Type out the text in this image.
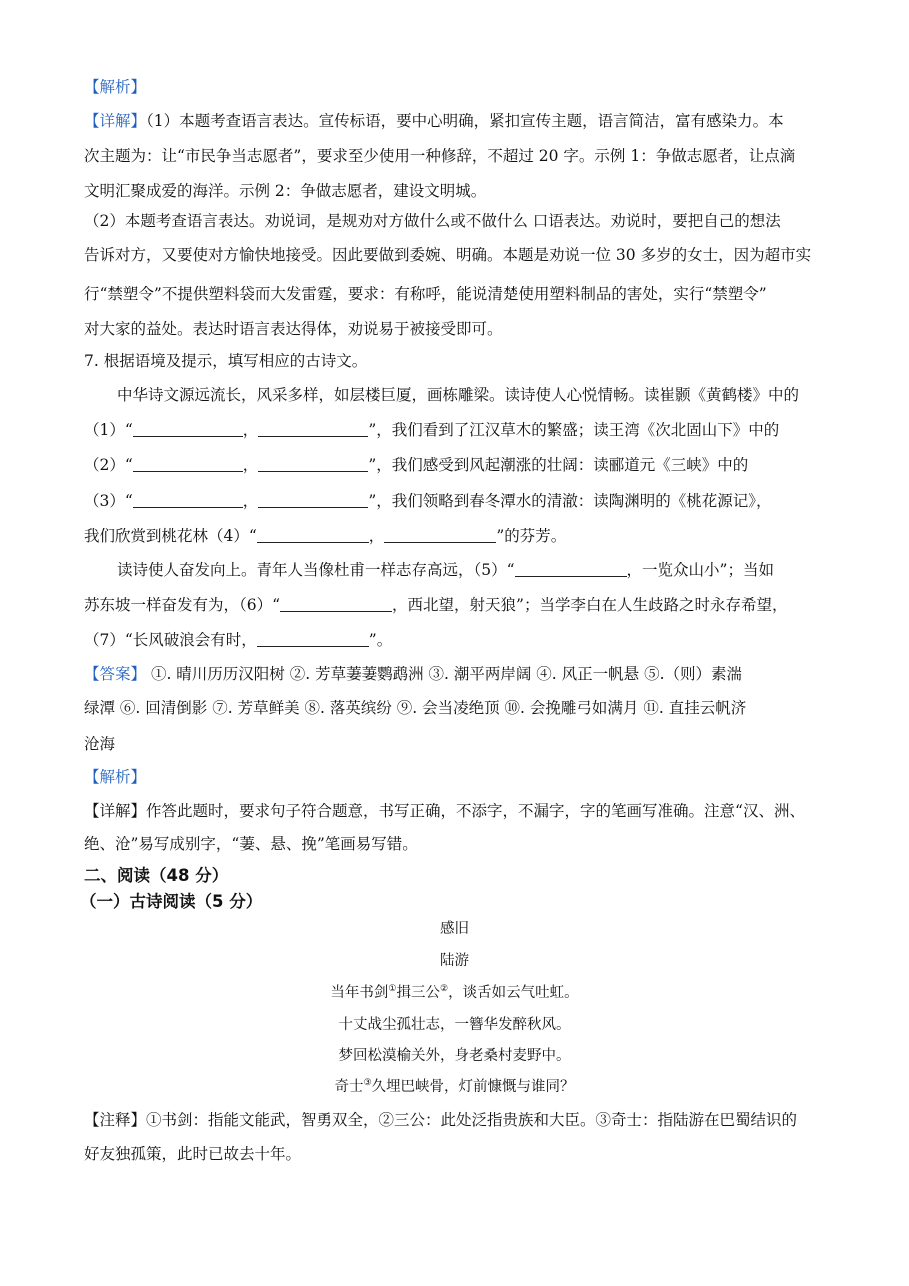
【解析】
【详解】（1）本题考查语言表达。宣传标语，要中心明确，紧扣宣传主题，语言简洁，富有感染力。本
次主题为：让“市民争当志愿者”，要求至少使用一种修辞，不超过 20 字。示例 1：争做志愿者，让点滴
文明汇聚成爱的海洋。示例 2：争做志愿者，建设文明城。
（2）本题考查语言表达。劝说词，是规劝对方做什么或不做什么 口语表达。劝说时，要把自己的想法
告诉对方，又要使对方愉快地接受。因此要做到委婉、明确。本题是劝说一位 30 多岁的女士，因为超市实
行“禁塑令”不提供塑料袋而大发雷霆，要求：有称呼，能说清楚使用塑料制品的害处，实行“禁塑令”
对大家的益处。表达时语言表达得体，劝说易于被接受即可。
7. 根据语境及提示，填写相应的古诗文。
中华诗文源远流长，风采多样，如层楼巨厦，画栋雕梁。读诗使人心悦情畅。读崔颢《黄鹤楼》中的
（1）“	，	”，我们看到了江汉草木的繁盛；读王湾《次北固山下》中的
（2）“	，	”，我们感受到风起潮涨的壮阔：读郦道元《三峡》中的
（3）“	，	”，我们领略到春冬潭水的清澈：读陶渊明的《桃花源记》，
我们欣赏到桃花林（4）“	，	”的芬芳。
读诗使人奋发向上。青年人当像杜甫一样志存高远，（5）“	，一览众山小”；当如
苏东坡一样奋发有为，（6）“	，西北望，射天狼”；当学李白在人生歧路之时永存希望，
（7）“长风破浪会有时，	”。
【答案】 ①. 晴川历历汉阳树 ②. 芳草萋萋鹦鹉洲 ③. 潮平两岸阔 ④. 风正一帆悬 ⑤.（则）素湍
绿潭 ⑥. 回清倒影 ⑦. 芳草鲜美 ⑧. 落英缤纷 ⑨. 会当凌绝顶 ⑩. 会挽雕弓如满月 ⑪. 直挂云帆济
沧海
【解析】
【详解】作答此题时，要求句子符合题意，书写正确，不添字，不漏字，字的笔画写准确。注意“汉、洲、
绝、沧”易写成别字，“萋、悬、挽”笔画易写错。
二、阅读（48 分）
（一）古诗阅读（5 分）
感旧
陆游
当年书剑①揖三公②，谈舌如云气吐虹。
十丈战尘孤壮志，一簪华发醉秋风。
梦回松漠榆关外，身老桑村麦野中。
奇士③久埋巴峡骨，灯前慷慨与谁同？
【注释】①书剑：指能文能武，智勇双全，②三公：此处泛指贵族和大臣。③奇士：指陆游在巴蜀结识的
好友独孤策，此时已故去十年。
